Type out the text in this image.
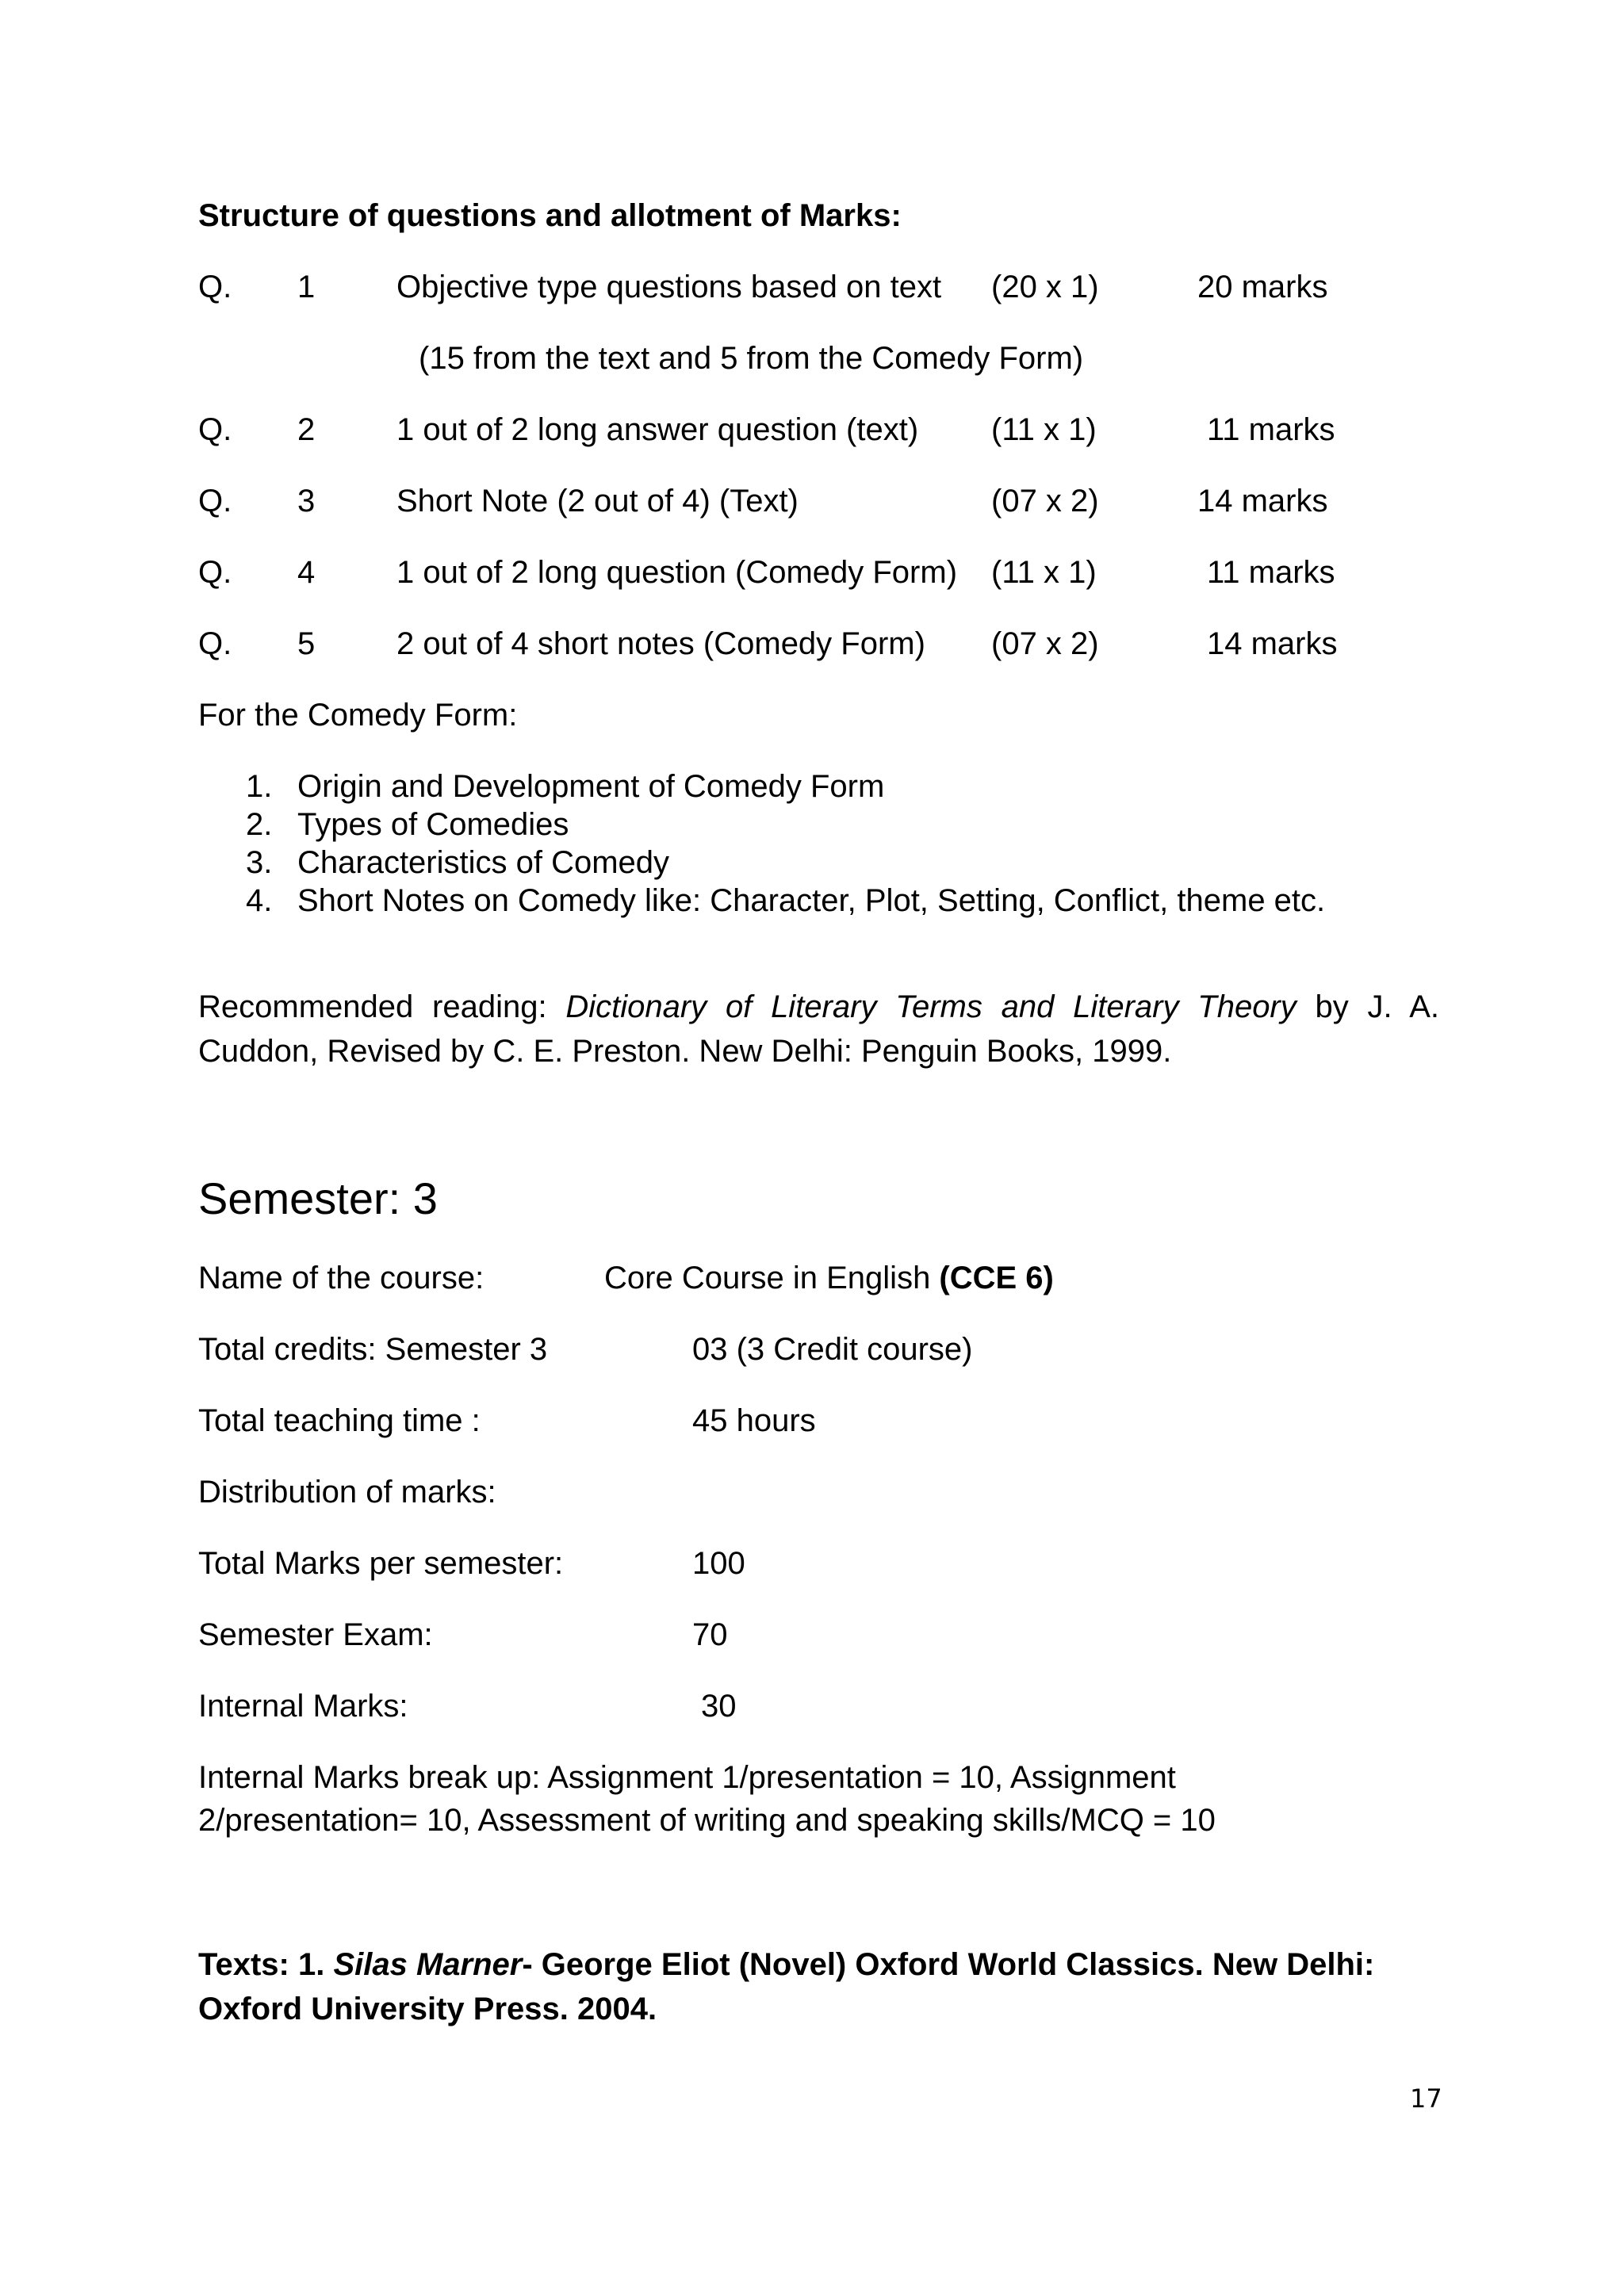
Structure of questions and allotment of Marks:
Q. 1	Objective type questions based on text (20 x 1)	20 marks
(15 from the text and 5 from the Comedy Form)
Q. 2	1 out of 2 long answer question (text) (11 x 1)	11 marks
Q. 3	Short Note (2 out of 4) (Text)	(07 x 2)	14 marks
Q. 4	1 out of 2 long question (Comedy Form) (11 x 1)	11 marks
Q. 5	2 out of 4 short notes (Comedy Form) (07 x 2)	14 marks
For the Comedy Form:
1. Origin and Development of Comedy Form
2. Types of Comedies
3. Characteristics of Comedy
4. Short Notes on Comedy like: Character, Plot, Setting, Conflict, theme etc.
Recommended reading: Dictionary of Literary Terms and Literary Theory by J. A. Cuddon, Revised by C. E. Preston. New Delhi: Penguin Books, 1999.
Semester: 3
Name of the course:	Core Course in English (CCE 6)
Total credits: Semester 3	03 (3 Credit course)
Total teaching time :	45 hours
Distribution of marks:
Total Marks per semester:	100
Semester Exam:	70
Internal Marks:	30
Internal Marks break up: Assignment 1/presentation = 10, Assignment
2/presentation= 10, Assessment of writing and speaking skills/MCQ = 10
Texts: 1. Silas Marner- George Eliot (Novel) Oxford World Classics. New Delhi: Oxford University Press. 2004.
17
